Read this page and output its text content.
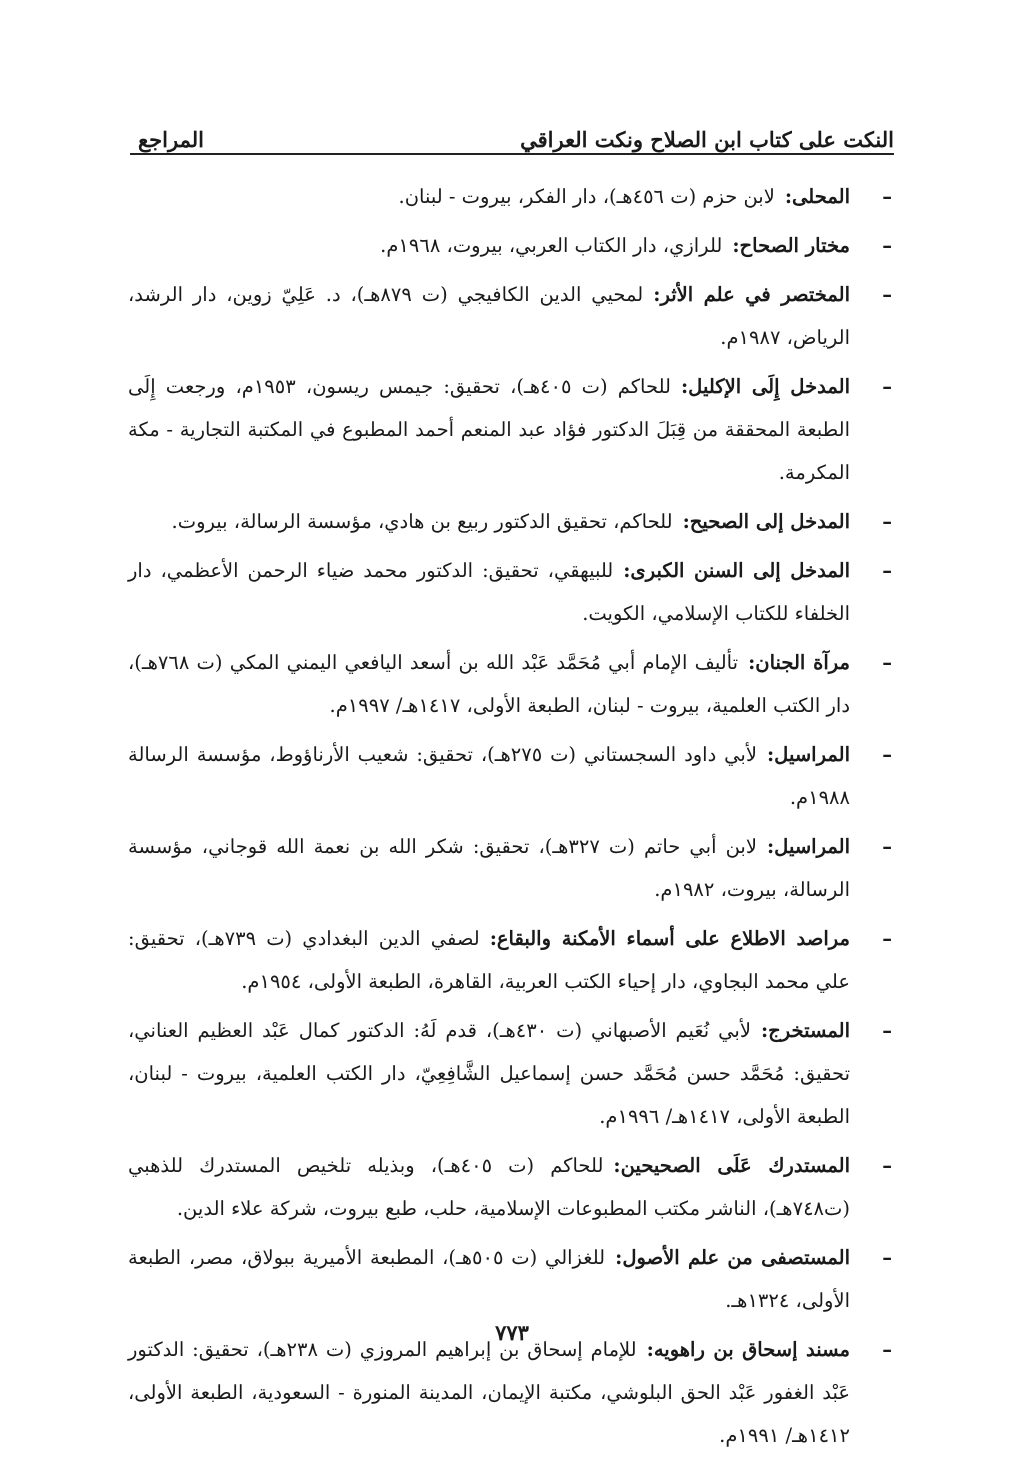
النكت على كتاب ابن الصلاح ونكت العراقي
المراجع
–
المحلى:لابن حزم (ت ٤٥٦هـ)، دار الفكر، بيروت - لبنان.
–
مختار الصحاح:للرازي، دار الكتاب العربي، بيروت، ١٩٦٨م.
–
المختصر في علم الأثر:لمحيي الدين الكافيجي (ت ٨٧٩هـ)، د. عَلِيّ زوين، دار الرشد، الرياض، ١٩٨٧م.
–
المدخل إِلَى الإكليل:للحاكم (ت ٤٠٥هـ)، تحقيق: جيمس ريسون، ١٩٥٣م، ورجعت إِلَى الطبعة المحققة من قِبَلَ الدكتور فؤاد عبد المنعم أحمد المطبوع في المكتبة التجارية - مكة المكرمة.
–
المدخل إلى الصحيح:للحاكم، تحقيق الدكتور ربيع بن هادي، مؤسسة الرسالة، بيروت.
–
المدخل إلى السنن الكبرى:للبيهقي، تحقيق: الدكتور محمد ضياء الرحمن الأعظمي، دار الخلفاء للكتاب الإسلامي، الكويت.
–
مرآة الجنان:تأليف الإمام أبي مُحَمَّد عَبْد الله بن أسعد اليافعي اليمني المكي (ت ٧٦٨هـ)، دار الكتب العلمية، بيروت - لبنان، الطبعة الأولى، ١٤١٧هـ/ ١٩٩٧م.
–
المراسيل:لأبي داود السجستاني (ت ٢٧٥هـ)، تحقيق: شعيب الأرناؤوط، مؤسسة الرسالة ١٩٨٨م.
–
المراسيل:لابن أبي حاتم (ت ٣٢٧هـ)، تحقيق: شكر الله بن نعمة الله قوجاني، مؤسسة الرسالة، بيروت، ١٩٨٢م.
–
مراصد الاطلاع على أسماء الأمكنة والبقاع:لصفي الدين البغدادي (ت ٧٣٩هـ)، تحقيق: علي محمد البجاوي، دار إحياء الكتب العربية، القاهرة، الطبعة الأولى، ١٩٥٤م.
–
المستخرج:لأبي نُعَيم الأصبهاني (ت ٤٣٠هـ)، قدم لَهُ: الدكتور كمال عَبْد العظيم العناني، تحقيق: مُحَمَّد حسن مُحَمَّد حسن إسماعيل الشَّافِعِيّ، دار الكتب العلمية، بيروت - لبنان، الطبعة الأولى، ١٤١٧هـ/ ١٩٩٦م.
–
المستدرك عَلَى الصحيحين:للحاكم (ت ٤٠٥هـ)، وبذيله تلخيص المستدرك للذهبي (ت٧٤٨هـ)، الناشر مكتب المطبوعات الإسلامية، حلب، طبع بيروت، شركة علاء الدين.
–
المستصفى من علم الأصول:للغزالي (ت ٥٠٥هـ)، المطبعة الأميرية ببولاق، مصر، الطبعة الأولى، ١٣٢٤هـ.
–
مسند إسحاق بن راهويه:للإمام إسحاق بن إبراهيم المروزي (ت ٢٣٨هـ)، تحقيق: الدكتور عَبْد الغفور عَبْد الحق البلوشي، مكتبة الإيمان، المدينة المنورة - السعودية، الطبعة الأولى، ١٤١٢هـ/ ١٩٩١م.
٧٧٣
